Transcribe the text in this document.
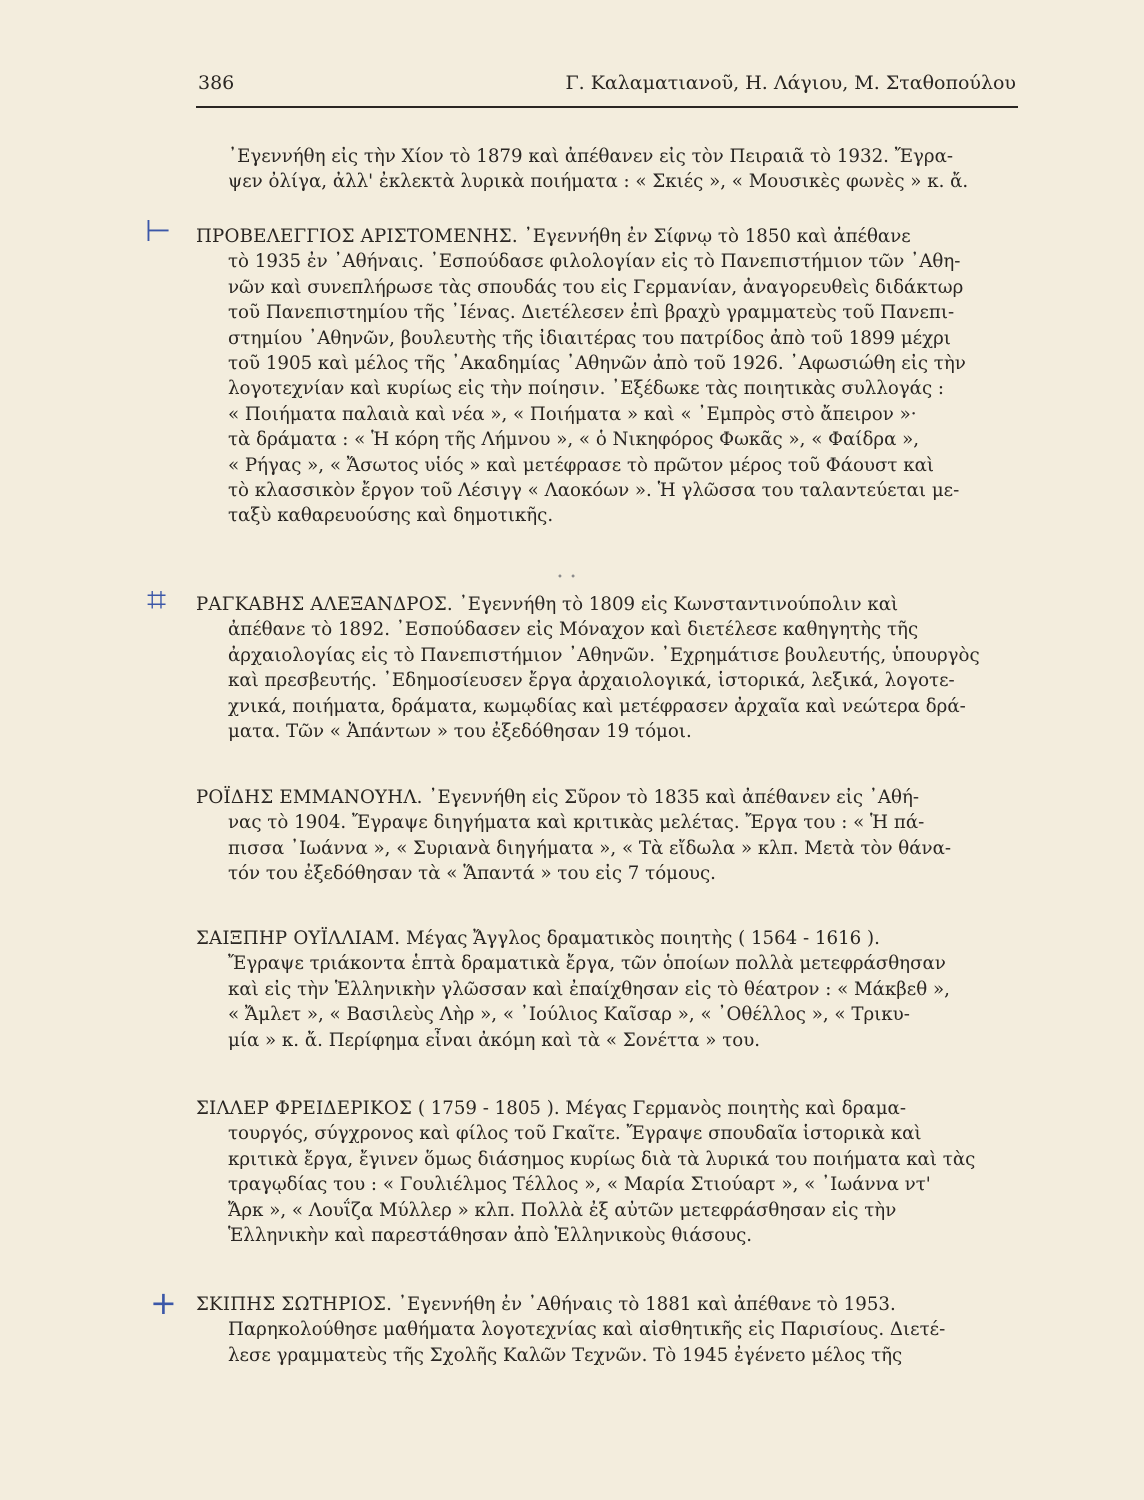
386	Γ. Καλαματιανοῦ, Η. Λάγιου, Μ. Σταθοπούλου
᾿Εγεννήθη εἰς τὴν Χίον τὸ 1879 καὶ ἀπέθανεν εἰς τὸν Πειραιᾶ τὸ 1932. Ἔγρα-
ψεν ὀλίγα, ἀλλ' ἐκλεκτὰ λυρικὰ ποιήματα : « Σκιές », « Μουσικὲς φωνὲς » κ. ἄ.
⊢ ΠΡΟΒΕΛΕΓΓΙΟΣ ΑΡΙΣΤΟΜΕΝΗΣ. ᾿Εγεννήθη ἐν Σίφνῳ τὸ 1850 καὶ ἀπέθανε
τὸ 1935 ἐν ᾿Αθήναις. ᾿Εσπούδασε φιλολογίαν εἰς τὸ Πανεπιστήμιον τῶν ᾿Αθη-
νῶν καὶ συνεπλήρωσε τὰς σπουδάς του εἰς Γερμανίαν, ἀναγορευθεὶς διδάκτωρ
τοῦ Πανεπιστημίου τῆς ᾿Ιένας. Διετέλεσεν ἐπὶ βραχὺ γραμματεὺς τοῦ Πανεπι-
στημίου ᾿Αθηνῶν, βουλευτὴς τῆς ἰδιαιτέρας του πατρίδος ἀπὸ τοῦ 1899 μέχρι
τοῦ 1905 καὶ μέλος τῆς ᾿Ακαδημίας ᾿Αθηνῶν ἀπὸ τοῦ 1926. ᾿Αφωσιώθη εἰς τὴν
λογοτεχνίαν καὶ κυρίως εἰς τὴν ποίησιν. ᾿Εξέδωκε τὰς ποιητικὰς συλλογάς :
« Ποιήματα παλαιὰ καὶ νέα », « Ποιήματα » καὶ « ᾿Εμπρὸς στὸ ἄπειρον »·
τὰ δράματα : « Ἡ κόρη τῆς Λήμνου », « ὁ Νικηφόρος Φωκᾶς », « Φαίδρα »,
« Ρήγας », « Ἄσωτος υἱός » καὶ μετέφρασε τὸ πρῶτον μέρος τοῦ Φάουστ καὶ
τὸ κλασσικὸν ἔργον τοῦ Λέσιγγ « Λαοκόων ». Ἡ γλῶσσα του ταλαντεύεται με-
ταξὺ καθαρευούσης καὶ δημοτικῆς.
• •
⌗ ΡΑΓΚΑΒΗΣ ΑΛΕΞΑΝΔΡΟΣ. ᾿Εγεννήθη τὸ 1809 εἰς Κωνσταντινούπολιν καὶ
ἀπέθανε τὸ 1892. ᾿Εσπούδασεν εἰς Μόναχον καὶ διετέλεσε καθηγητὴς τῆς
ἀρχαιολογίας εἰς τὸ Πανεπιστήμιον ᾿Αθηνῶν. ᾿Εχρημάτισε βουλευτής, ὑπουργὸς
καὶ πρεσβευτής. ᾿Εδημοσίευσεν ἔργα ἀρχαιολογικά, ἱστορικά, λεξικά, λογοτε-
χνικά, ποιήματα, δράματα, κωμῳδίας καὶ μετέφρασεν ἀρχαῖα καὶ νεώτερα δρά-
ματα. Τῶν « Ἁπάντων » του ἐξεδόθησαν 19 τόμοι.
ΡΟΪΔΗΣ ΕΜΜΑΝΟΥΗΛ. ᾿Εγεννήθη εἰς Σῦρον τὸ 1835 καὶ ἀπέθανεν εἰς ᾿Αθή-
νας τὸ 1904. Ἔγραψε διηγήματα καὶ κριτικὰς μελέτας. Ἔργα του : « Ἡ πά-
πισσα ᾿Ιωάννα », « Συριανὰ διηγήματα », « Τὰ εἴδωλα » κλπ. Μετὰ τὸν θάνα-
τόν του ἐξεδόθησαν τὰ « Ἅπαντά » του εἰς 7 τόμους.
ΣΑΙΞΠΗΡ ΟΥΪΛΛΙΑΜ. Μέγας Ἄγγλος δραματικὸς ποιητὴς ( 1564 - 1616 ).
Ἔγραψε τριάκοντα ἑπτὰ δραματικὰ ἔργα, τῶν ὁποίων πολλὰ μετεφράσθησαν
καὶ εἰς τὴν Ἑλληνικὴν γλῶσσαν καὶ ἐπαίχθησαν εἰς τὸ θέατρον : « Μάκβεθ »,
« Ἄμλετ », « Βασιλεὺς Λὴρ », « ᾿Ιούλιος Καῖσαρ », « ᾿Οθέλλος », « Τρικυ-
μία » κ. ἄ. Περίφημα εἶναι ἀκόμη καὶ τὰ « Σονέττα » του.
ΣΙΛΛΕΡ ΦΡΕΙΔΕΡΙΚΟΣ ( 1759 - 1805 ). Μέγας Γερμανὸς ποιητὴς καὶ δραμα-
τουργός, σύγχρονος καὶ φίλος τοῦ Γκαῖτε. Ἔγραψε σπουδαῖα ἱστορικὰ καὶ
κριτικὰ ἔργα, ἔγινεν ὅμως διάσημος κυρίως διὰ τὰ λυρικά του ποιήματα καὶ τὰς
τραγῳδίας του : « Γουλιέλμος Τέλλος », « Μαρία Στιούαρτ », « ᾿Ιωάννα ντ'
Ἄρκ », « Λουΐζα Μύλλερ » κλπ. Πολλὰ ἐξ αὐτῶν μετεφράσθησαν εἰς τὴν
Ἑλληνικὴν καὶ παρεστάθησαν ἀπὸ Ἑλληνικοὺς θιάσους.
+ ΣΚΙΠΗΣ ΣΩΤΗΡΙΟΣ. ᾿Εγεννήθη ἐν ᾿Αθήναις τὸ 1881 καὶ ἀπέθανε τὸ 1953.
Παρηκολούθησε μαθήματα λογοτεχνίας καὶ αἰσθητικῆς εἰς Παρισίους. Διετέ-
λεσε γραμματεὺς τῆς Σχολῆς Καλῶν Τεχνῶν. Τὸ 1945 ἐγένετο μέλος τῆς
